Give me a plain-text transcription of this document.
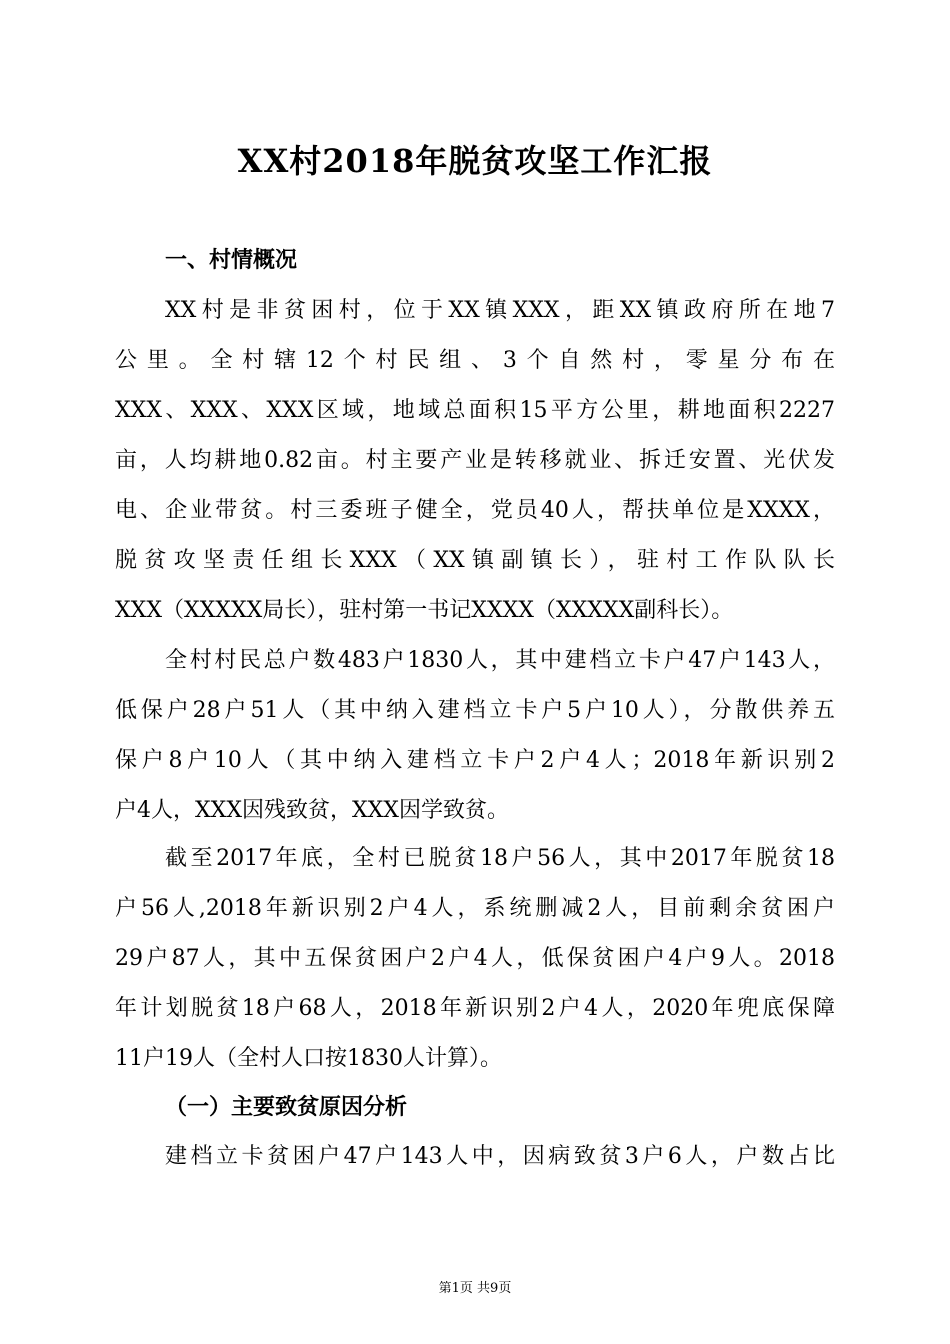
XX村2018年脱贫攻坚工作汇报
一、村情概况
XX村是非贫困村，位于XX镇XXX，距XX镇政府所在地7
公里。全村辖12个村民组、3个自然村，零星分布在
XXX、XXX、XXX区域，地域总面积15平方公里，耕地面积2227
亩，人均耕地0.82亩。村主要产业是转移就业、拆迁安置、光伏发
电、企业带贫。村三委班子健全，党员40人，帮扶单位是XXXX，
脱贫攻坚责任组长XXX（XX镇副镇长），驻村工作队队长
XXX（XXXXX局长），驻村第一书记XXXX（XXXXX副科长）。
全村村民总户数483户1830人，其中建档立卡户47户143人，
低保户28户51人（其中纳入建档立卡户5户10人），分散供养五
保户8户10人（其中纳入建档立卡户2户4人；2018年新识别2
户4人，XXX因残致贫，XXX因学致贫。
截至2017年底，全村已脱贫18户56人，其中2017年脱贫18
户56人,2018年新识别2户4人，系统删减2人，目前剩余贫困户
29户87人，其中五保贫困户2户4人，低保贫困户4户9人。2018
年计划脱贫18户68人，2018年新识别2户4人，2020年兜底保障
11户19人（全村人口按1830人计算）。
（一）主要致贫原因分析
建档立卡贫困户47户143人中，因病致贫3户6人，户数占比
第1页 共9页
